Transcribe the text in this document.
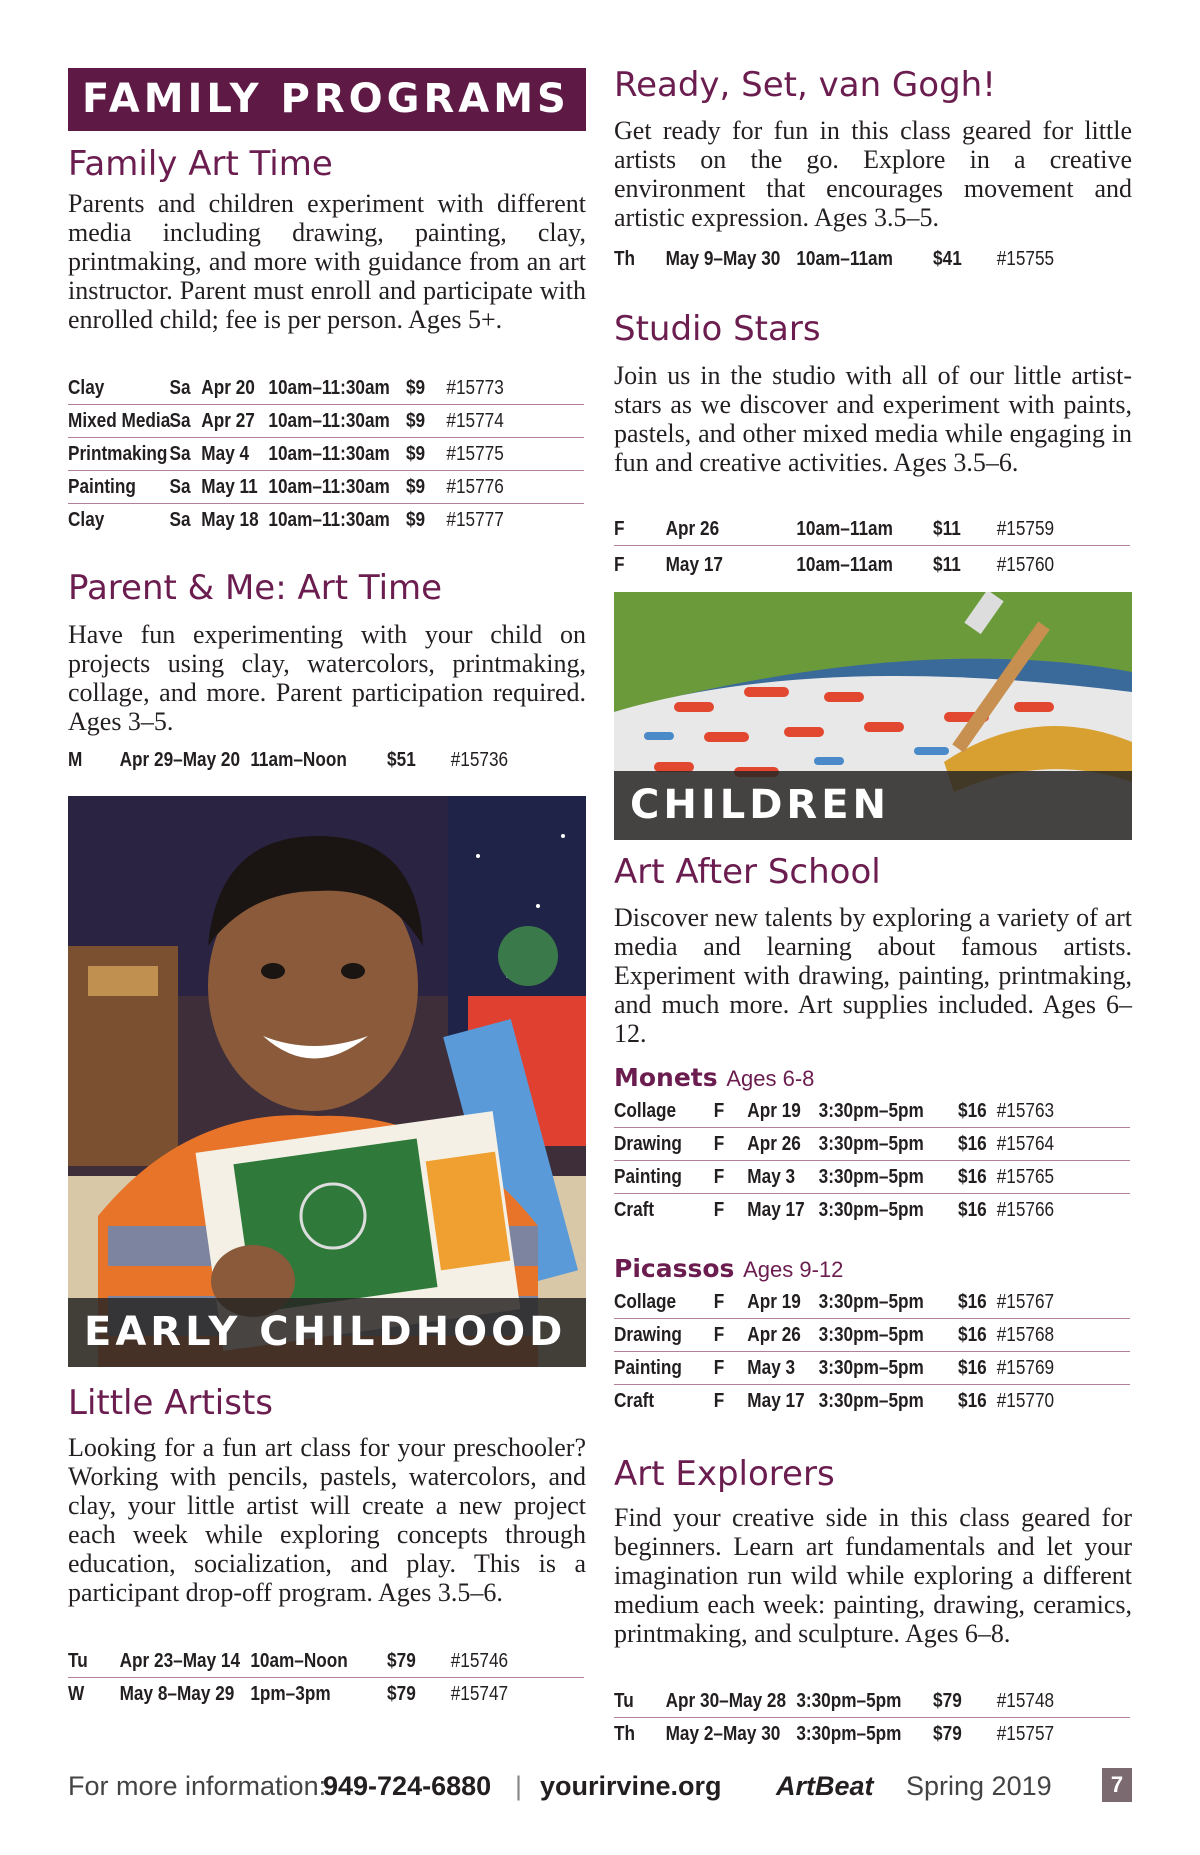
FAMILY PROGRAMS
Family Art Time
Parents and children experiment with different media including drawing, painting, clay, printmaking, and more with guidance from an art instructor. Parent must enroll and participate with enrolled child; fee is per person. Ages 5+.
Clay	Sa Apr 20 10am–11:30am $9 #15773
Mixed Media Sa Apr 27 10am–11:30am $9 #15774
Printmaking Sa May 4 10am–11:30am $9 #15775
Painting Sa May 11 10am–11:30am $9 #15776
Clay	Sa May 18 10am–11:30am $9 #15777
Parent & Me: Art Time
Have fun experimenting with your child on projects using clay, watercolors, printmaking, collage, and more. Parent participation required. Ages 3–5.
M Apr 29–May 20 11am–Noon $51 #15736
EARLY CHILDHOOD
Little Artists
Looking for a fun art class for your preschooler? Working with pencils, pastels, watercolors, and clay, your little artist will create a new project each week while exploring concepts through education, socialization, and play. This is a participant drop-off program. Ages 3.5–6.
Tu Apr 23–May 14 10am–Noon $79 #15746
W May 8–May 29 1pm–3pm	$79 #15747
Ready, Set, van Gogh!
Get ready for fun in this class geared for little artists on the go. Explore in a creative environment that encourages movement and artistic expression. Ages 3.5–5.
Th May 9–May 30 10am–11am $41 #15755
Studio Stars
Join us in the studio with all of our little artist-stars as we discover and experiment with paints, pastels, and other mixed media while engaging in fun and creative activities. Ages 3.5–6.
F Apr 26	10am–11am $11 #15759
F May 17	10am–11am $11 #15760
CHILDREN
Art After School
Discover new talents by exploring a variety of art media and learning about famous artists. Experiment with drawing, painting, printmaking, and much more. Art supplies included. Ages 6–12.
Monets Ages 6-8
Collage F Apr 19 3:30pm–5pm $16 #15763
Drawing F Apr 26 3:30pm–5pm $16 #15764
Painting F May 3 3:30pm–5pm $16 #15765
Craft	F May 17 3:30pm–5pm $16 #15766
Picassos Ages 9-12
Collage F Apr 19 3:30pm–5pm $16 #15767
Drawing F Apr 26 3:30pm–5pm $16 #15768
Painting F May 3 3:30pm–5pm $16 #15769
Craft	F May 17 3:30pm–5pm $16 #15770
Art Explorers
Find your creative side in this class geared for beginners. Learn art fundamentals and let your imagination run wild while exploring a different medium each week: painting, drawing, ceramics, printmaking, and sculpture. Ages 6–8.
Tu Apr 30–May 28 3:30pm–5pm $79 #15748
Th May 2–May 30 3:30pm–5pm $79 #15757
For more information:
949-724-6880 | yourirvine.org ArtBeat Spring 2019	7
